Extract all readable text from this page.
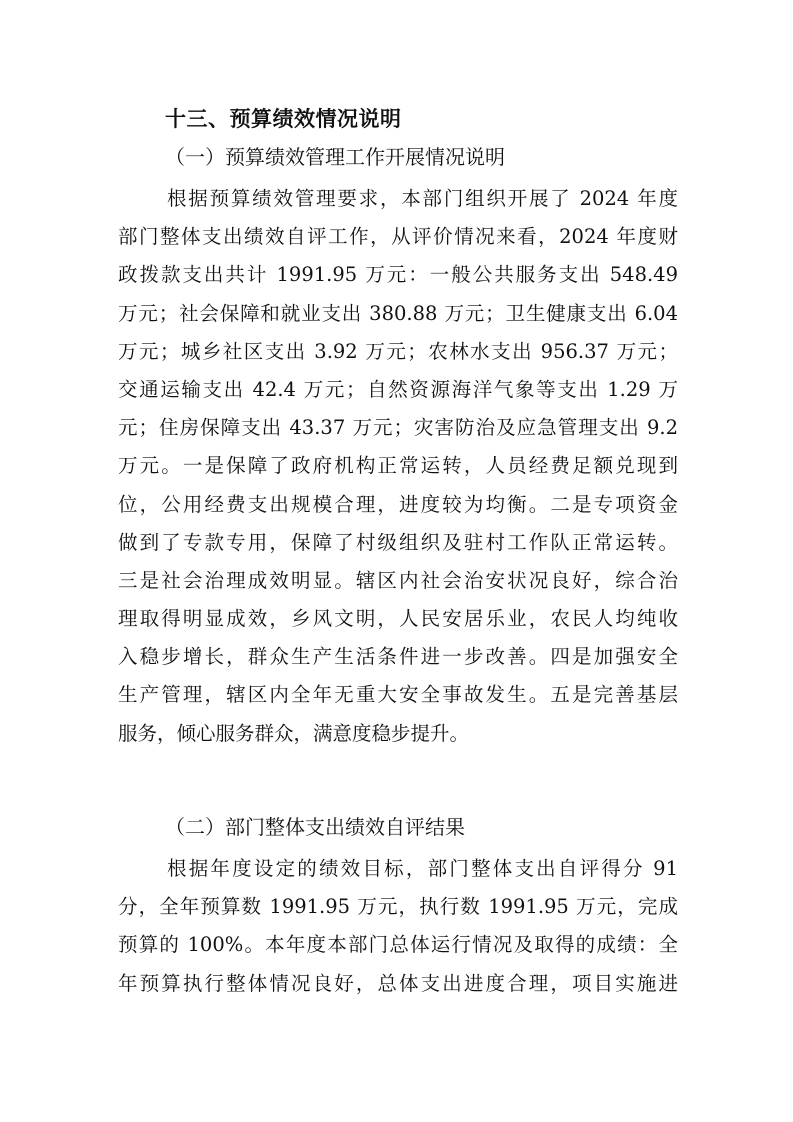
十三、预算绩效情况说明
（一）预算绩效管理工作开展情况说明
根据预算绩效管理要求，本部门组织开展了 2024 年度
部门整体支出绩效自评工作，从评价情况来看，2024 年度财
政拨款支出共计 1991.95 万元：一般公共服务支出 548.49
万元；社会保障和就业支出 380.88 万元；卫生健康支出 6.04
万元；城乡社区支出 3.92 万元；农林水支出 956.37 万元；
交通运输支出 42.4 万元；自然资源海洋气象等支出 1.29 万
元；住房保障支出 43.37 万元；灾害防治及应急管理支出 9.2
万元。一是保障了政府机构正常运转，人员经费足额兑现到
位，公用经费支出规模合理，进度较为均衡。二是专项资金
做到了专款专用，保障了村级组织及驻村工作队正常运转。
三是社会治理成效明显。辖区内社会治安状况良好，综合治
理取得明显成效，乡风文明，人民安居乐业，农民人均纯收
入稳步增长，群众生产生活条件进一步改善。四是加强安全
生产管理，辖区内全年无重大安全事故发生。五是完善基层
服务，倾心服务群众，满意度稳步提升。
（二）部门整体支出绩效自评结果
根据年度设定的绩效目标，部门整体支出自评得分 91
分，全年预算数 1991.95 万元，执行数 1991.95 万元，完成
预算的 100%。本年度本部门总体运行情况及取得的成绩：全
年预算执行整体情况良好，总体支出进度合理，项目实施进
